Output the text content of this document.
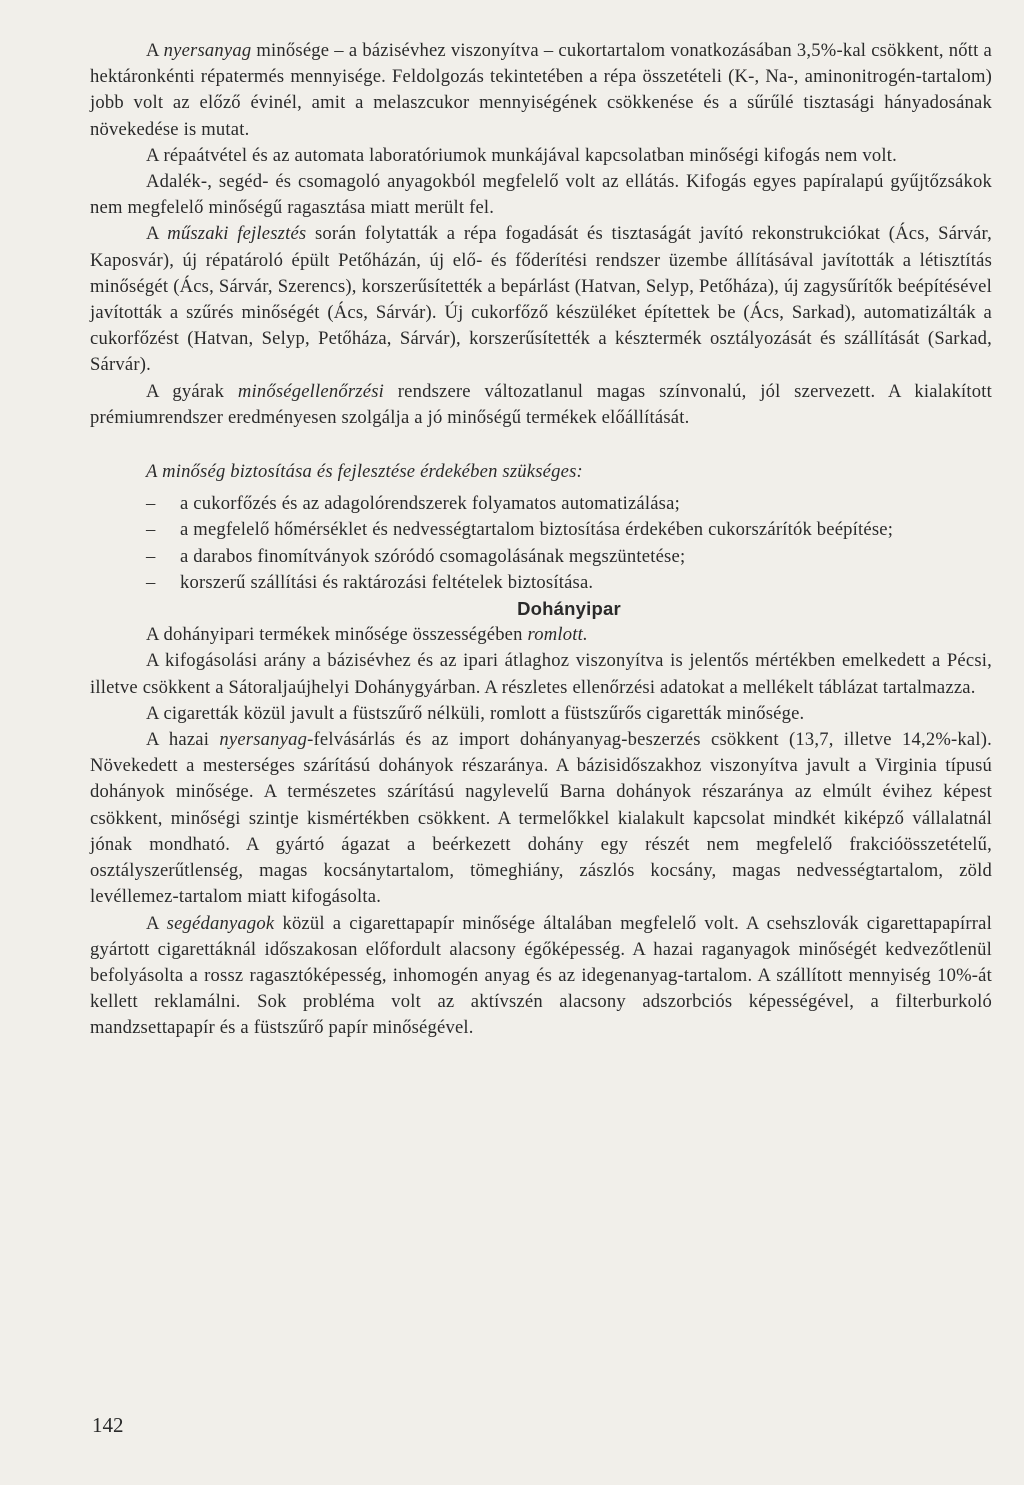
A nyersanyag minősége – a bázisévhez viszonyítva – cukortartalom vonatkozásában 3,5%-kal csökkent, nőtt a hektáronkénti répatermés mennyisége. Feldolgozás tekintetében a répa összetételi (K-, Na-, aminonitrogén-tartalom) jobb volt az előző évinél, amit a melaszcukor mennyiségének csökkenése és a sűrűlé tisztasági hányadosának növekedése is mutat.

A répaátvétel és az automata laboratóriumok munkájával kapcsolatban minőségi kifogás nem volt.

Adalék-, segéd- és csomagoló anyagokból megfelelő volt az ellátás. Kifogás egyes papíralapú gyűjtőzsákok nem megfelelő minőségű ragasztása miatt merült fel.

A műszaki fejlesztés során folytatták a répa fogadását és tisztaságát javító rekonstrukciókat (Ács, Sárvár, Kaposvár), új répatároló épült Petőházán, új elő- és főderítési rendszer üzembe állításával javították a létisztítás minőségét (Ács, Sárvár, Szerencs), korszerűsítették a bepárlást (Hatvan, Selyp, Petőháza), új zagysűrítők beépítésével javították a szűrés minőségét (Ács, Sárvár). Új cukorfőző készüléket építettek be (Ács, Sarkad), automatizálták a cukorfőzést (Hatvan, Selyp, Petőháza, Sárvár), korszerűsítették a késztermék osztályozását és szállítását (Sarkad, Sárvár).

A gyárak minőségellenőrzési rendszere változatlanul magas színvonalú, jól szervezett. A kialakított prémiumrendszer eredményesen szolgálja a jó minőségű termékek előállítását.

A minőség biztosítása és fejlesztése érdekében szükséges:

– a cukorfőzés és az adagolórendszerek folyamatos automatizálása;
– a megfelelő hőmérséklet és nedvességtartalom biztosítása érdekében cukorszárítók beépítése;
– a darabos finomítványok szóródó csomagolásának megszüntetése;
– korszerű szállítási és raktározási feltételek biztosítása.

Dohányipar

A dohányipari termékek minősége összességében romlott.

A kifogásolási arány a bázisévhez és az ipari átlaghoz viszonyítva is jelentős mértékben emelkedett a Pécsi, illetve csökkent a Sátoraljaújhelyi Dohánygyárban. A részletes ellenőrzési adatokat a mellékelt táblázat tartalmazza.

A cigaretták közül javult a füstszűrő nélküli, romlott a füstszűrős cigaretták minősége.

A hazai nyersanyag-felvásárlás és az import dohányanyag-beszerzés csökkent (13,7, illetve 14,2%-kal). Növekedett a mesterséges szárítású dohányok részaránya. A bázisidőszakhoz viszonyítva javult a Virginia típusú dohányok minősége. A természetes szárítású nagylevelű Barna dohányok részaránya az elmúlt évihez képest csökkent, minőségi szintje kismértékben csökkent. A termelőkkel kialakult kapcsolat mindkét kiképző vállalatnál jónak mondható. A gyártó ágazat a beérkezett dohány egy részét nem megfelelő frakcióösszetételű, osztályszerűtlenség, magas kocsánytartalom, tömeghiány, zászlós kocsány, magas nedvességtartalom, zöld levéllemez-tartalom miatt kifogásolta.

A segédanyagok közül a cigarettapapír minősége általában megfelelő volt. A csehszlovák cigarettapapírral gyártott cigarettáknál időszakosan előfordult alacsony égőképesség. A hazai raganyagok minőségét kedvezőtlenül befolyásolta a rossz ragasztóképesség, inhomogén anyag és az idegenanyag-tartalom. A szállított mennyiség 10%-át kellett reklamálni. Sok probléma volt az aktívszén alacsony adszorbciós képességével, a filterburkoló mandzsettapapír és a füstszűrő papír minőségével.

142
